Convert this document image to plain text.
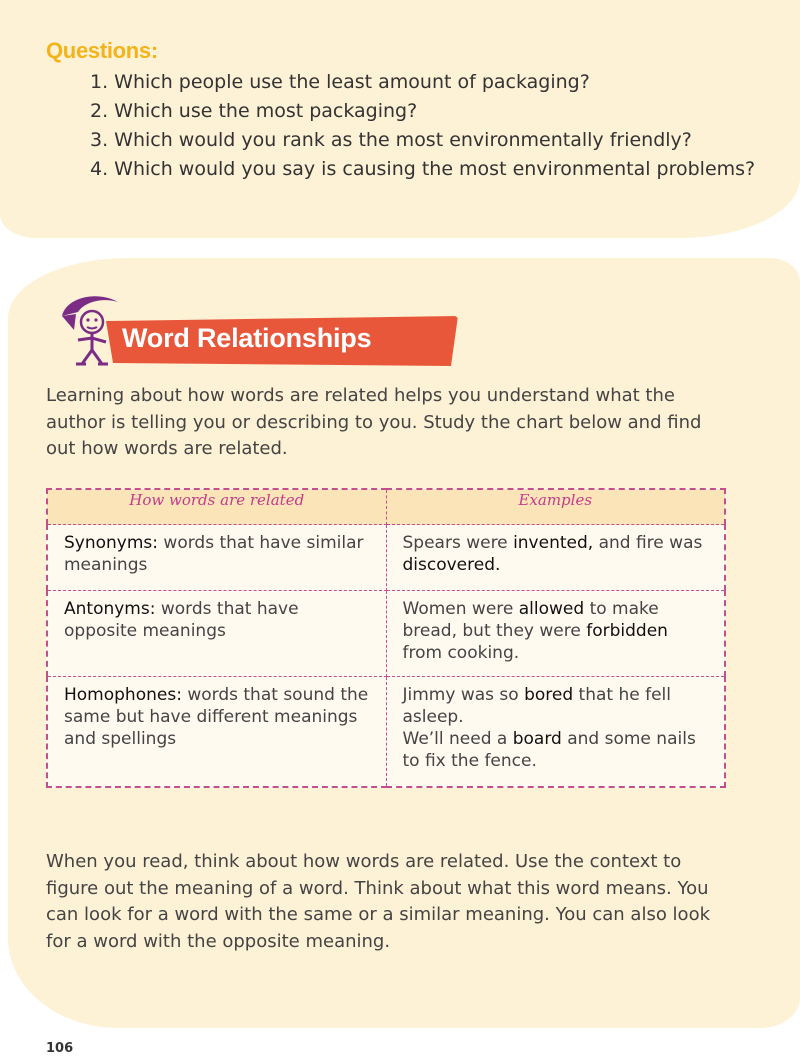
Questions:

1. Which people use the least amount of packaging?
2. Which use the most packaging?
3. Which would you rank as the most environmentally friendly?
4. Which would you say is causing the most environmental problems?
Word Relationships

Learning about how words are related helps you understand what the author is telling you or describing to you. Study the chart below and find out how words are related.

How words are related	Examples
Synonyms: words that have similar meanings	Spears were invented, and fire was discovered.
Antonyms: words that have opposite meanings	Women were allowed to make bread, but they were forbidden from cooking.
Homophones: words that sound the same but have different meanings and spellings	Jimmy was so bored that he fell asleep.
We’ll need a board and some nails to fix the fence.

When you read, think about how words are related. Use the context to figure out the meaning of a word. Think about what this word means. You can look for a word with the same or a similar meaning. You can also look for a word with the opposite meaning.

106
